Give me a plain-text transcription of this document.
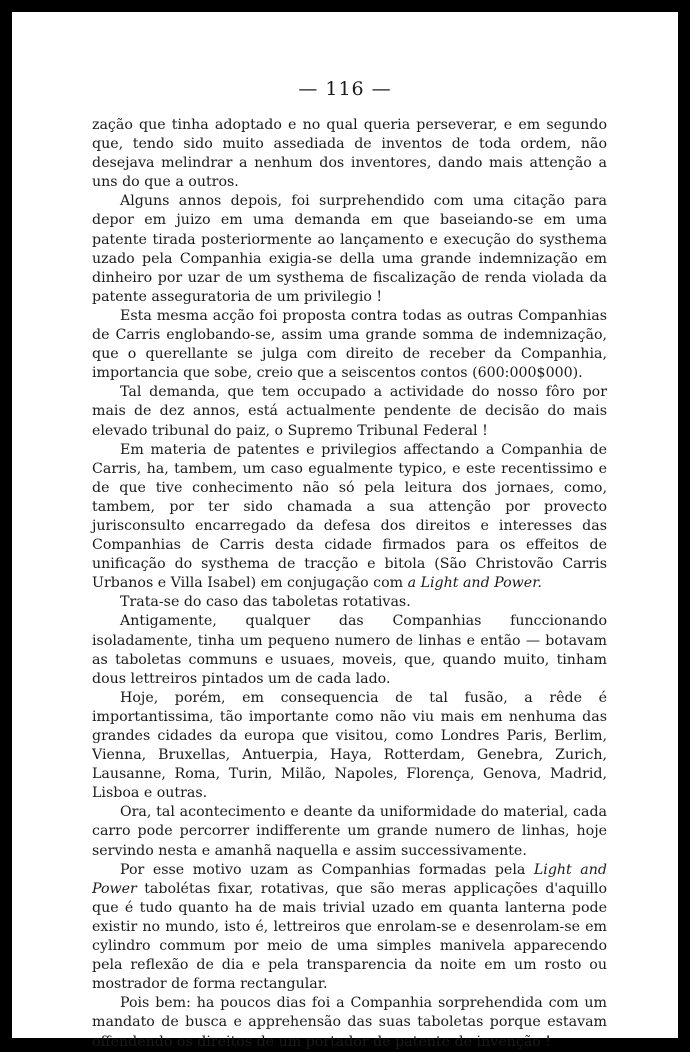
— 116 —

zação que tinha adoptado e no qual queria perseverar, e em segundo que, tendo sido muito assediada de inventos de toda ordem, não desejava melindrar a nenhum dos inventores, dando mais attenção a uns do que a outros.

Alguns annos depois, foi surprehendido com uma citação para depor em juizo em uma demanda em que baseiando-se em uma patente tirada posteriormente ao lançamento e execução do systhema uzado pela Companhia exigia-se della uma grande indemnização em dinheiro por uzar de um systhema de fiscalização de renda violada da patente asseguratoria de um privilegio !

Esta mesma acção foi proposta contra todas as outras Companhias de Carris englobando-se, assim uma grande somma de indemnização, que o querellante se julga com direito de receber da Companhia, importancia que sobe, creio que a seiscentos contos (600:000$000).

Tal demanda, que tem occupado a actividade do nosso fôro por mais de dez annos, está actualmente pendente de decisão do mais elevado tribunal do paiz, o Supremo Tribunal Federal !

Em materia de patentes e privilegios affectando a Companhia de Carris, ha, tambem, um caso egualmente typico, e este recentissimo e de que tive conhecimento não só pela leitura dos jornaes, como, tambem, por ter sido chamada a sua attenção por provecto jurisconsulto encarregado da defesa dos direitos e interesses das Companhias de Carris desta cidade firmados para os effeitos de unificação do systhema de tracção e bitola (São Christovão Carris Urbanos e Villa Isabel) em conjugação com a Light and Power.

Trata-se do caso das taboletas rotativas.

Antigamente, qualquer das Companhias funccionando isoladamente, tinha um pequeno numero de linhas e então — botavam as taboletas communs e usuaes, moveis, que, quando muito, tinham dous lettreiros pintados um de cada lado.

Hoje, porém, em consequencia de tal fusão, a rêde é importantissima, tão importante como não viu mais em nenhuma das grandes cidades da europa que visitou, como Londres Paris, Berlim, Vienna, Bruxellas, Antuerpia, Haya, Rotterdam, Genebra, Zurich, Lausanne, Roma, Turin, Milão, Napoles, Florença, Genova, Madrid, Lisboa e outras.

Ora, tal acontecimento e deante da uniformidade do material, cada carro pode percorrer indifferente um grande numero de linhas, hoje servindo nesta e amanhã naquella e assim successivamente.

Por esse motivo uzam as Companhias formadas pela Light and Power tabolétas fixar, rotativas, que são meras applicações d'aquillo que é tudo quanto ha de mais trivial uzado em quanta lanterna pode existir no mundo, isto é, lettreiros que enrolam-se e desenrolam-se em cylindro commum por meio de uma simples manivela apparecendo pela reflexão de dia e pela transparencia da noite em um rosto ou mostrador de forma rectangular.

Pois bem: ha poucos dias foi a Companhia sorprehendida com um mandato de busca e apprehensão das suas taboletas porque estavam offendendo os direitos de um portador de patente de invenção !
